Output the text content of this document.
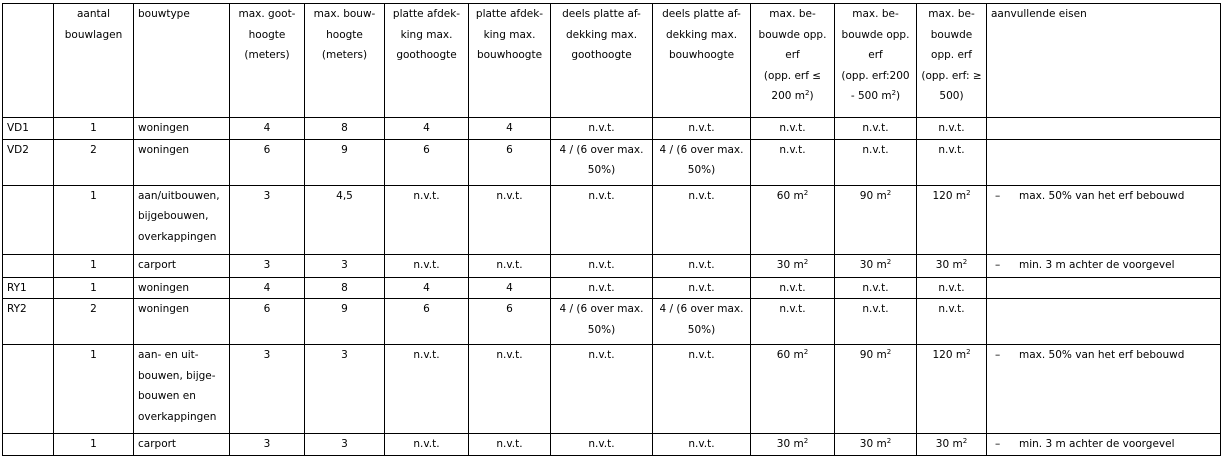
	aantal
bouwlagen	bouwtype	max. goot-
hoogte
(meters)	max. bouw-
hoogte
(meters)	platte afdek-
king max.
goothoogte	platte afdek-
king max.
bouwhoogte	deels platte af-
dekking max.
goothoogte	deels platte af-
dekking max.
bouwhoogte	max. be-
bouwde opp.
erf
(opp. erf ≤
200 $m^2$)	max. be-
bouwde opp.
erf
(opp. erf:200
- 500 $m^2$)	max. be-
bouwde
opp. erf
(opp. erf: ≥
500)	aanvullende eisen
VD1	1	woningen	4	8	4	4	n.v.t.	n.v.t.	n.v.t.	n.v.t.	n.v.t.	
VD2	2	woningen	6	9	6	6	4 / (6 over max. 50%)	4 / (6 over max. 50%)	n.v.t.	n.v.t.	n.v.t.	
	1	aan/uitbouwen, bijgebouwen, overkappingen	3	4,5	n.v.t.	n.v.t.	n.v.t.	n.v.t.	60 $m^2$	90 $m^2$	120 $m^2$	– max. 50% van het erf bebouwd
	1	carport	3	3	n.v.t.	n.v.t.	n.v.t.	n.v.t.	30 $m^2$	30 $m^2$	30 $m^2$	– min. 3 m achter de voorgevel
RY1	1	woningen	4	8	4	4	n.v.t.	n.v.t.	n.v.t.	n.v.t.	n.v.t.	
RY2	2	woningen	6	9	6	6	4 / (6 over max. 50%)	4 / (6 over max. 50%)	n.v.t.	n.v.t.	n.v.t.	
	1	aan- en uit-bouwen, bijge-bouwen en overkappingen	3	3	n.v.t.	n.v.t.	n.v.t.	n.v.t.	60 $m^2$	90 $m^2$	120 $m^2$	– max. 50% van het erf bebouwd
	1	carport	3	3	n.v.t.	n.v.t.	n.v.t.	n.v.t.	30 $m^2$	30 $m^2$	30 $m^2$	– min. 3 m achter de voorgevel
